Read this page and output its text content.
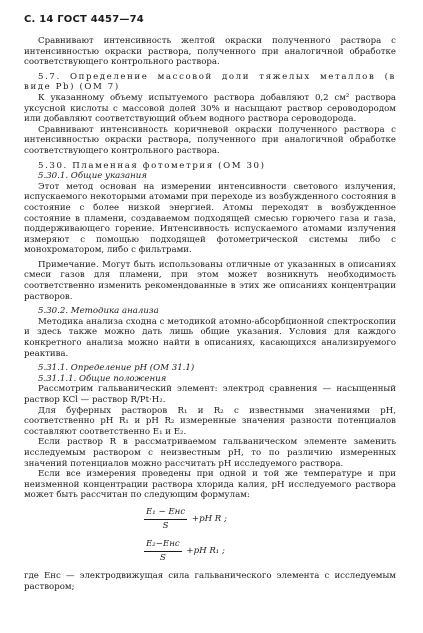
С. 14 ГОСТ 4457—74

Сравнивают интенсивность желтой окраски полученного раствора с интенсивностью окраски раствора, полученного при аналогичной обработке соответствующего контрольного раствора.

5.7. Определение массовой доли тяжелых металлов (в виде Pb) (ОМ 7)

К указанному объему испытуемого раствора добавляют 0,2 см² раствора уксусной кислоты с массовой долей 30% и насыщают раствор сероводородом или добавляют соответствующий объем водного раствора сероводорода.

Сравнивают интенсивность коричневой окраски полученного раствора с интенсивностью окраски раствора, полученного при аналогичной обработке соответствующего контрольного раствора.

5.30. Пламенная фотометрия (ОМ 30)

5.30.1. Общие указания

Этот метод основан на измерении интенсивности светового излучения, испускаемого некоторыми атомами при переходе из возбужденного состояния в состояние с более низкой энергией. Атомы переходят в возбужденное состояние в пламени, создаваемом подходящей смесью горючего газа и газа, поддерживающего горение. Интенсивность испускаемого атомами излучения измеряют с помощью подходящей фотометрической системы либо с монохроматором, либо с фильтрами.

Примечание. Могут быть использованы отличные от указанных в описаниях смеси газов для пламени, при этом может возникнуть необходимость соответственно изменить рекомендованные в этих же описаниях концентрации растворов.

5.30.2. Методика анализа

Методика анализа сходна с методикой атомно-абсорбционной спектроскопии и здесь также можно дать лишь общие указания. Условия для каждого конкретного анализа можно найти в описаниях, касающихся анализируемого реактива.

5.31.1. Определение рН (ОМ 31.1)

5.31.1.1. Общие положения

Рассмотрим гальванический элемент: электрод сравнения — насыщенный раствор KCl — раствор R/Pt·H₂.

Для буферных растворов R₁ и R₂ с известными значениями рН, соответственно рН R₁ и рН R₂ измеренные значения разности потенциалов составляют соответственно E₁ и E₂.

Если раствор R в рассматриваемом гальваническом элементе заменить исследуемым раствором с неизвестным рН, то по различию измеренных значений потенциалов можно рассчитать рН исследуемого раствора.

Если все измерения проведены при одной и той же температуре и при неизменной концентрации раствора хлорида калия, рН исследуемого раствора может быть рассчитан по следующим формулам:

$\frac{\text{E₁ − Eнс}}{S} +pH$ R ;
$\frac{\text{E₂−Eнс}}{S} +pH$ R₁ ;

где Eнс — электродвижущая сила гальванического элемента с исследуемым раствором;
